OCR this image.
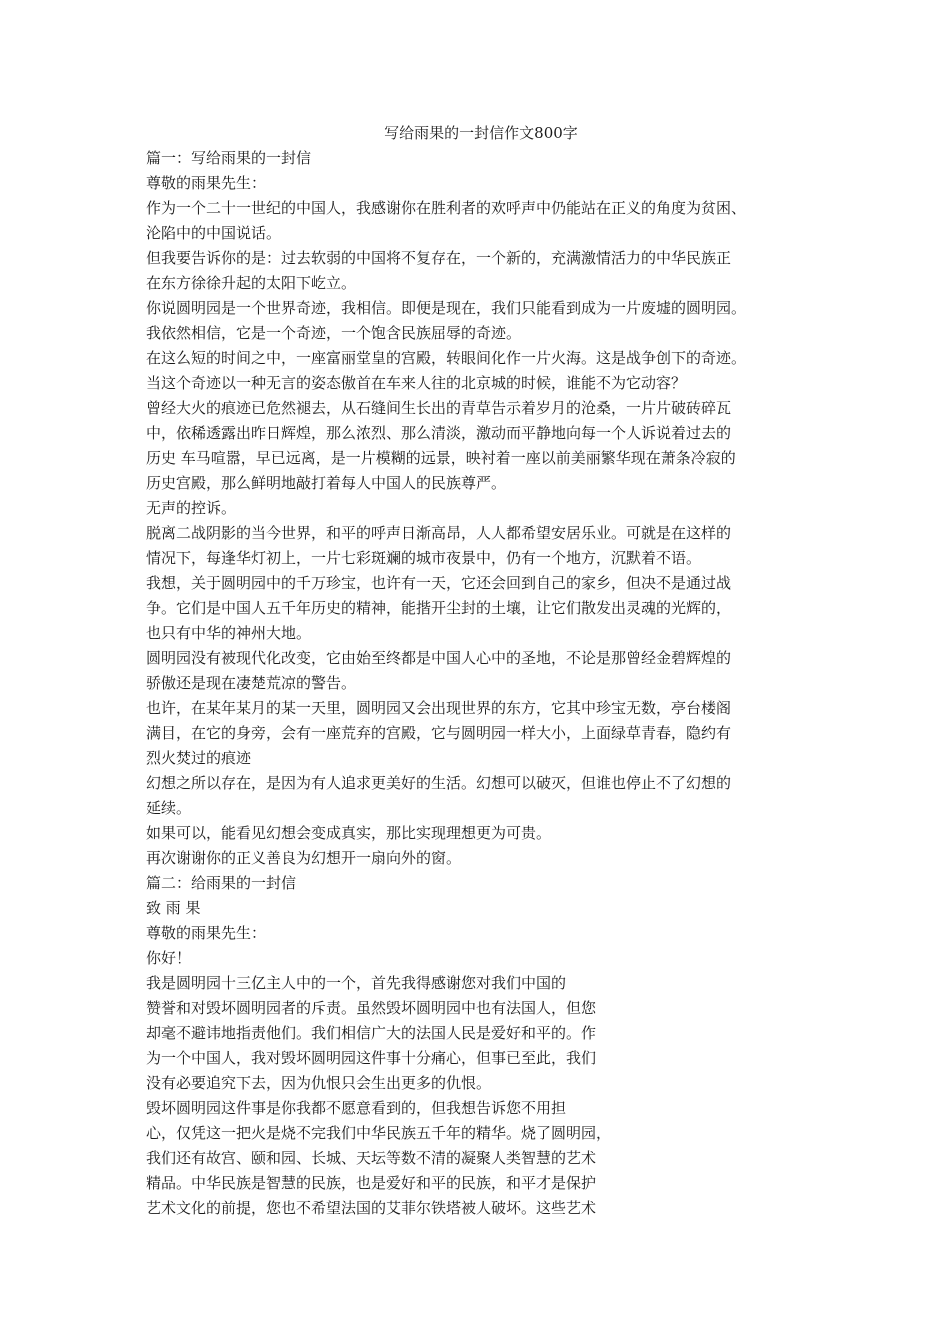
写给雨果的一封信作文800字

篇一：写给雨果的一封信

尊敬的雨果先生：

作为一个二十一世纪的中国人，我感谢你在胜利者的欢呼声中仍能站在正义的角度为贫困、

沦陷中的中国说话。

但我要告诉你的是：过去软弱的中国将不复存在，一个新的，充满激情活力的中华民族正

在东方徐徐升起的太阳下屹立。

你说圆明园是一个世界奇迹，我相信。即便是现在，我们只能看到成为一片废墟的圆明园。

我依然相信，它是一个奇迹，一个饱含民族屈辱的奇迹。

在这么短的时间之中，一座富丽堂皇的宫殿，转眼间化作一片火海。这是战争创下的奇迹。

当这个奇迹以一种无言的姿态傲首在车来人往的北京城的时候，谁能不为它动容？

曾经大火的痕迹已危然褪去，从石缝间生长出的青草告示着岁月的沧桑，一片片破砖碎瓦

中，依稀透露出昨日辉煌，那么浓烈、那么清淡，激动而平静地向每一个人诉说着过去的

历史 车马喧嚣，早已远离，是一片模糊的远景，映衬着一座以前美丽繁华现在萧条冷寂的

历史宫殿，那么鲜明地敲打着每人中国人的民族尊严。

无声的控诉。

脱离二战阴影的当今世界，和平的呼声日渐高昂，人人都希望安居乐业。可就是在这样的

情况下，每逢华灯初上，一片七彩斑斓的城市夜景中，仍有一个地方，沉默着不语。

我想，关于圆明园中的千万珍宝，也许有一天，它还会回到自己的家乡，但决不是通过战

争。它们是中国人五千年历史的精神，能揩开尘封的土壤，让它们散发出灵魂的光辉的，

也只有中华的神州大地。

圆明园没有被现代化改变，它由始至终都是中国人心中的圣地，不论是那曾经金碧辉煌的

骄傲还是现在凄楚荒凉的警告。

也许，在某年某月的某一天里，圆明园又会出现世界的东方，它其中珍宝无数，亭台楼阁

满目，在它的身旁，会有一座荒弃的宫殿，它与圆明园一样大小，上面绿草青春，隐约有

烈火焚过的痕迹

幻想之所以存在，是因为有人追求更美好的生活。幻想可以破灭，但谁也停止不了幻想的

延续。

如果可以，能看见幻想会变成真实，那比实现理想更为可贵。

再次谢谢你的正义善良为幻想开一扇向外的窗。

篇二：给雨果的一封信

致 雨 果

尊敬的雨果先生：

你好！

我是圆明园十三亿主人中的一个，首先我得感谢您对我们中国的

赞誉和对毁坏圆明园者的斥责。虽然毁坏圆明园中也有法国人，但您

却毫不避讳地指责他们。我们相信广大的法国人民是爱好和平的。作

为一个中国人，我对毁坏圆明园这件事十分痛心，但事已至此，我们

没有必要追究下去，因为仇恨只会生出更多的仇恨。

毁坏圆明园这件事是你我都不愿意看到的，但我想告诉您不用担

心，仅凭这一把火是烧不完我们中华民族五千年的精华。烧了圆明园，

我们还有故宫、颐和园、长城、天坛等数不清的凝聚人类智慧的艺术

精品。中华民族是智慧的民族，也是爱好和平的民族，和平才是保护

艺术文化的前提，您也不希望法国的艾菲尔铁塔被人破坏。这些艺术
